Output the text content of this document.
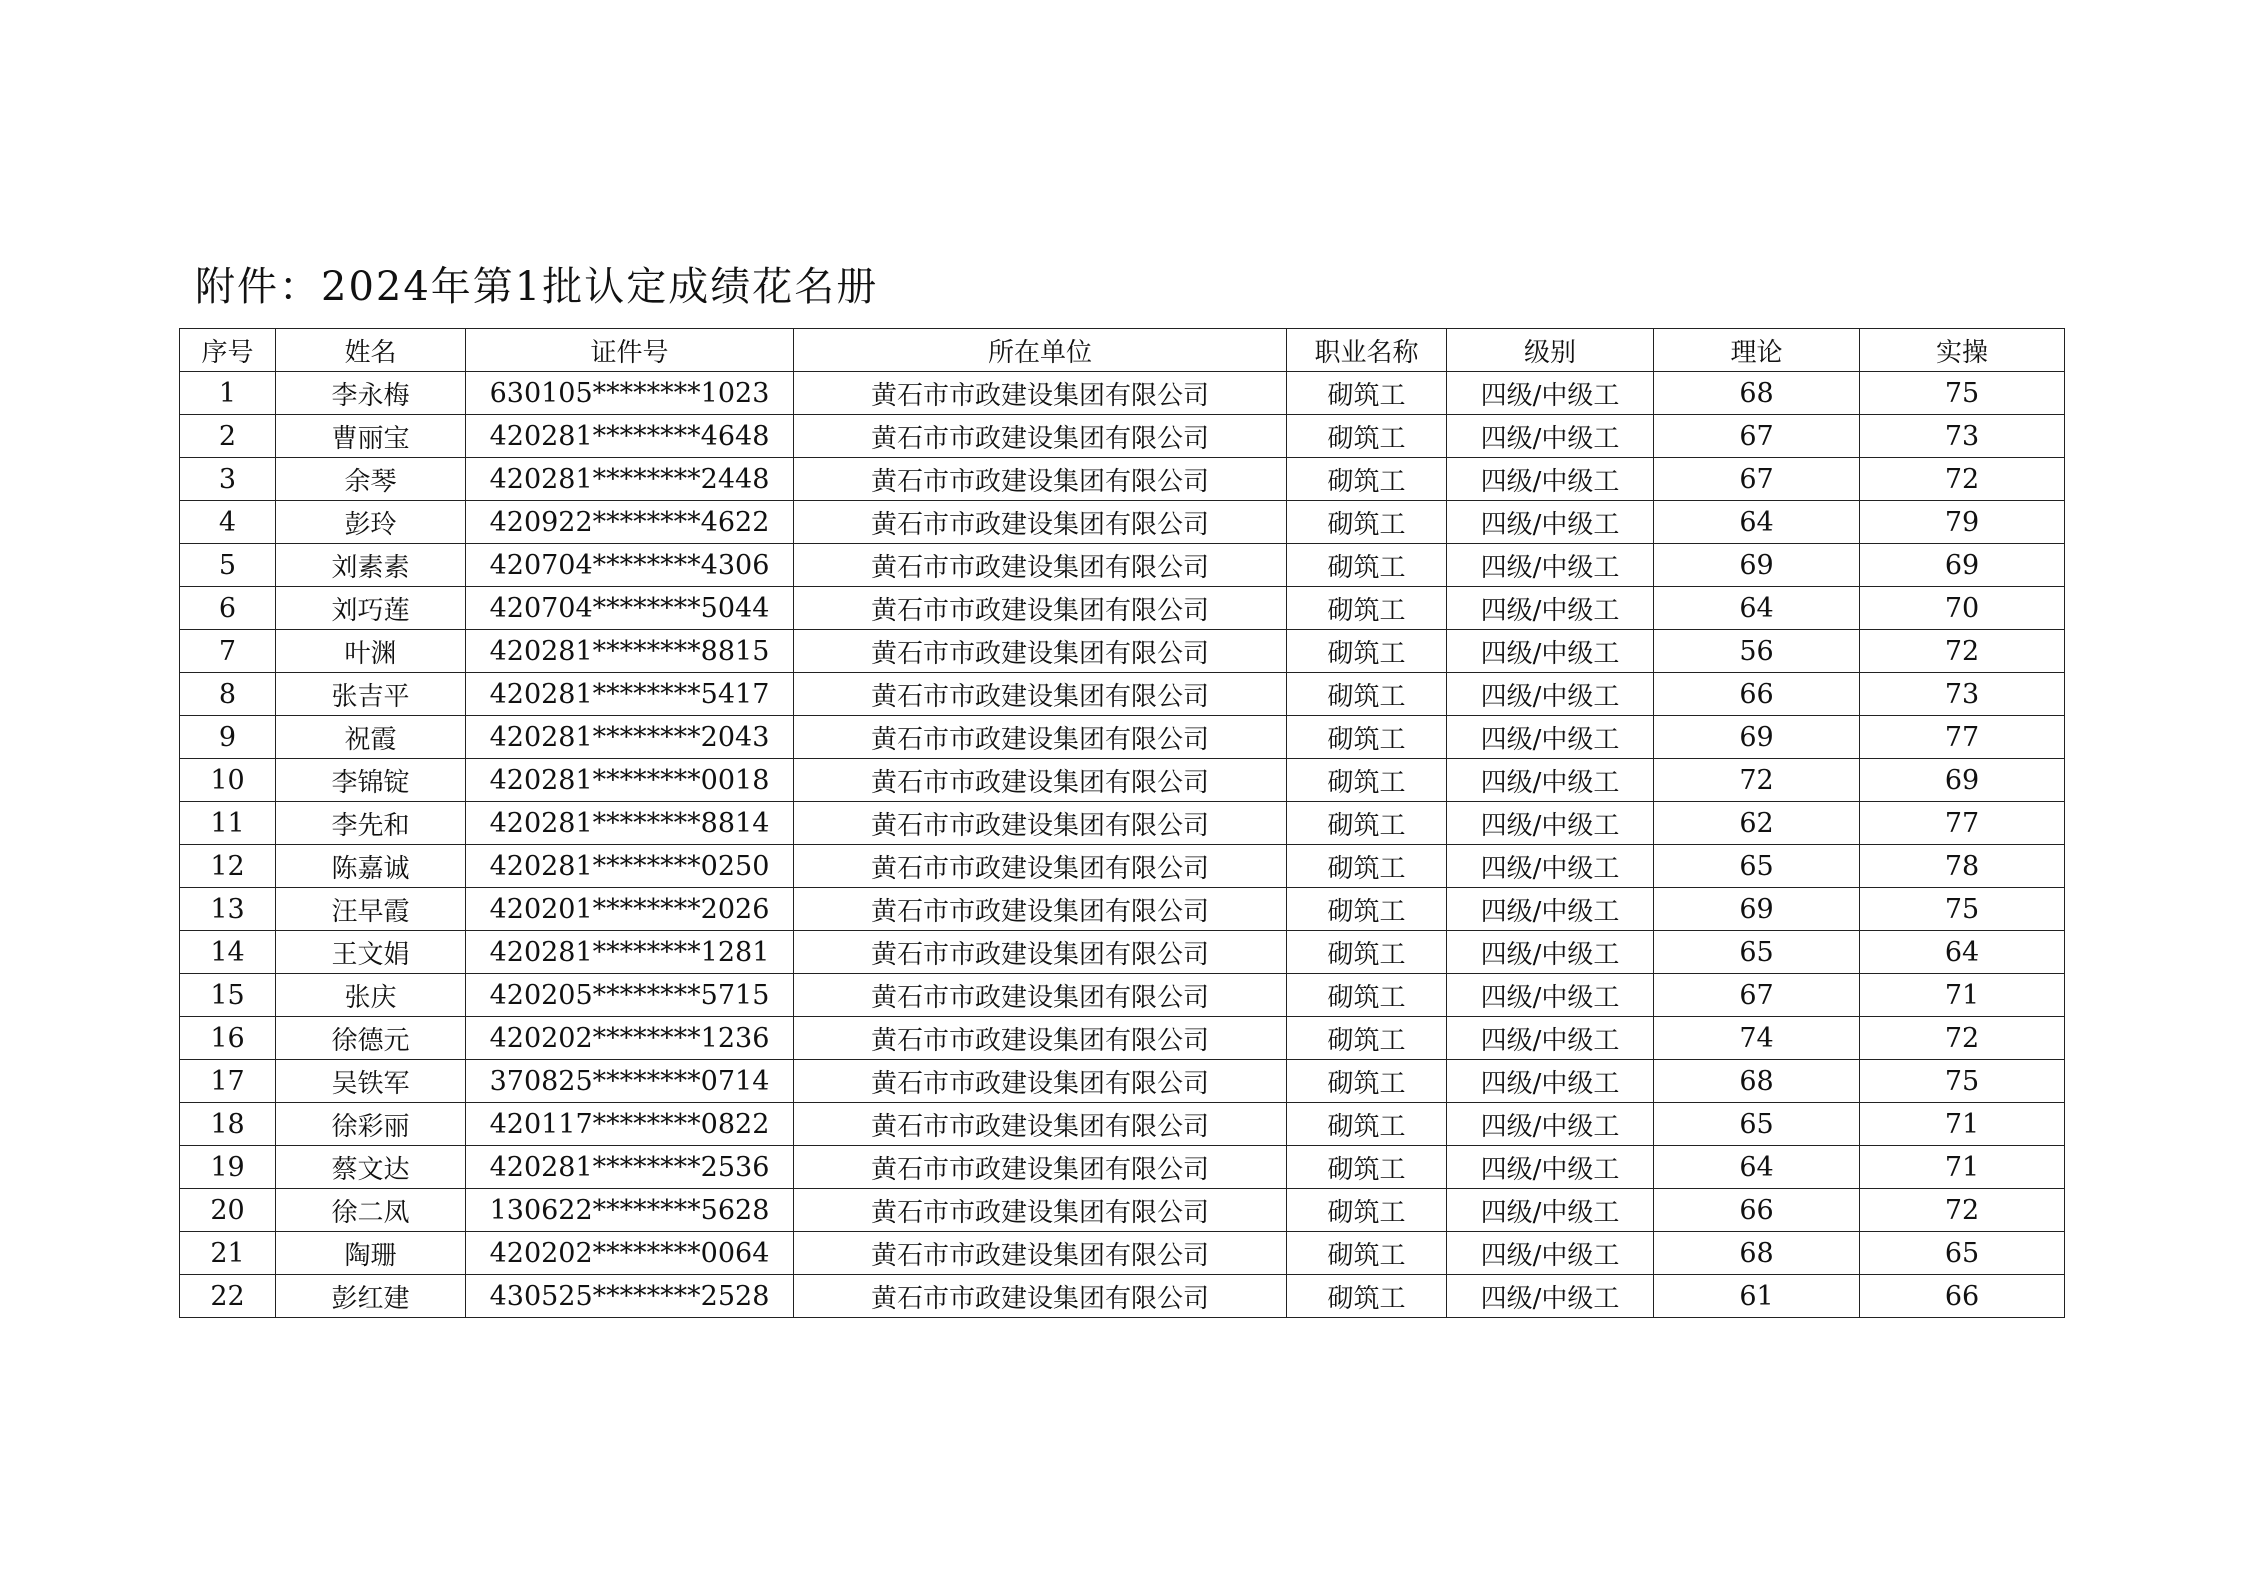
附件：2024年第1批认定成绩花名册
序号	姓名	证件号	所在单位	职业名称	级别	理论	实操
1	李永梅	630105********1023	黄石市市政建设集团有限公司	砌筑工	四级/中级工	68	75
2	曹丽宝	420281********4648	黄石市市政建设集团有限公司	砌筑工	四级/中级工	67	73
3	余琴	420281********2448	黄石市市政建设集团有限公司	砌筑工	四级/中级工	67	72
4	彭玲	420922********4622	黄石市市政建设集团有限公司	砌筑工	四级/中级工	64	79
5	刘素素	420704********4306	黄石市市政建设集团有限公司	砌筑工	四级/中级工	69	69
6	刘巧莲	420704********5044	黄石市市政建设集团有限公司	砌筑工	四级/中级工	64	70
7	叶渊	420281********8815	黄石市市政建设集团有限公司	砌筑工	四级/中级工	56	72
8	张吉平	420281********5417	黄石市市政建设集团有限公司	砌筑工	四级/中级工	66	73
9	祝霞	420281********2043	黄石市市政建设集团有限公司	砌筑工	四级/中级工	69	77
10	李锦锭	420281********0018	黄石市市政建设集团有限公司	砌筑工	四级/中级工	72	69
11	李先和	420281********8814	黄石市市政建设集团有限公司	砌筑工	四级/中级工	62	77
12	陈嘉诚	420281********0250	黄石市市政建设集团有限公司	砌筑工	四级/中级工	65	78
13	汪早霞	420201********2026	黄石市市政建设集团有限公司	砌筑工	四级/中级工	69	75
14	王文娟	420281********1281	黄石市市政建设集团有限公司	砌筑工	四级/中级工	65	64
15	张庆	420205********5715	黄石市市政建设集团有限公司	砌筑工	四级/中级工	67	71
16	徐德元	420202********1236	黄石市市政建设集团有限公司	砌筑工	四级/中级工	74	72
17	吴铁军	370825********0714	黄石市市政建设集团有限公司	砌筑工	四级/中级工	68	75
18	徐彩丽	420117********0822	黄石市市政建设集团有限公司	砌筑工	四级/中级工	65	71
19	蔡文达	420281********2536	黄石市市政建设集团有限公司	砌筑工	四级/中级工	64	71
20	徐二凤	130622********5628	黄石市市政建设集团有限公司	砌筑工	四级/中级工	66	72
21	陶珊	420202********0064	黄石市市政建设集团有限公司	砌筑工	四级/中级工	68	65
22	彭红建	430525********2528	黄石市市政建设集团有限公司	砌筑工	四级/中级工	61	66
